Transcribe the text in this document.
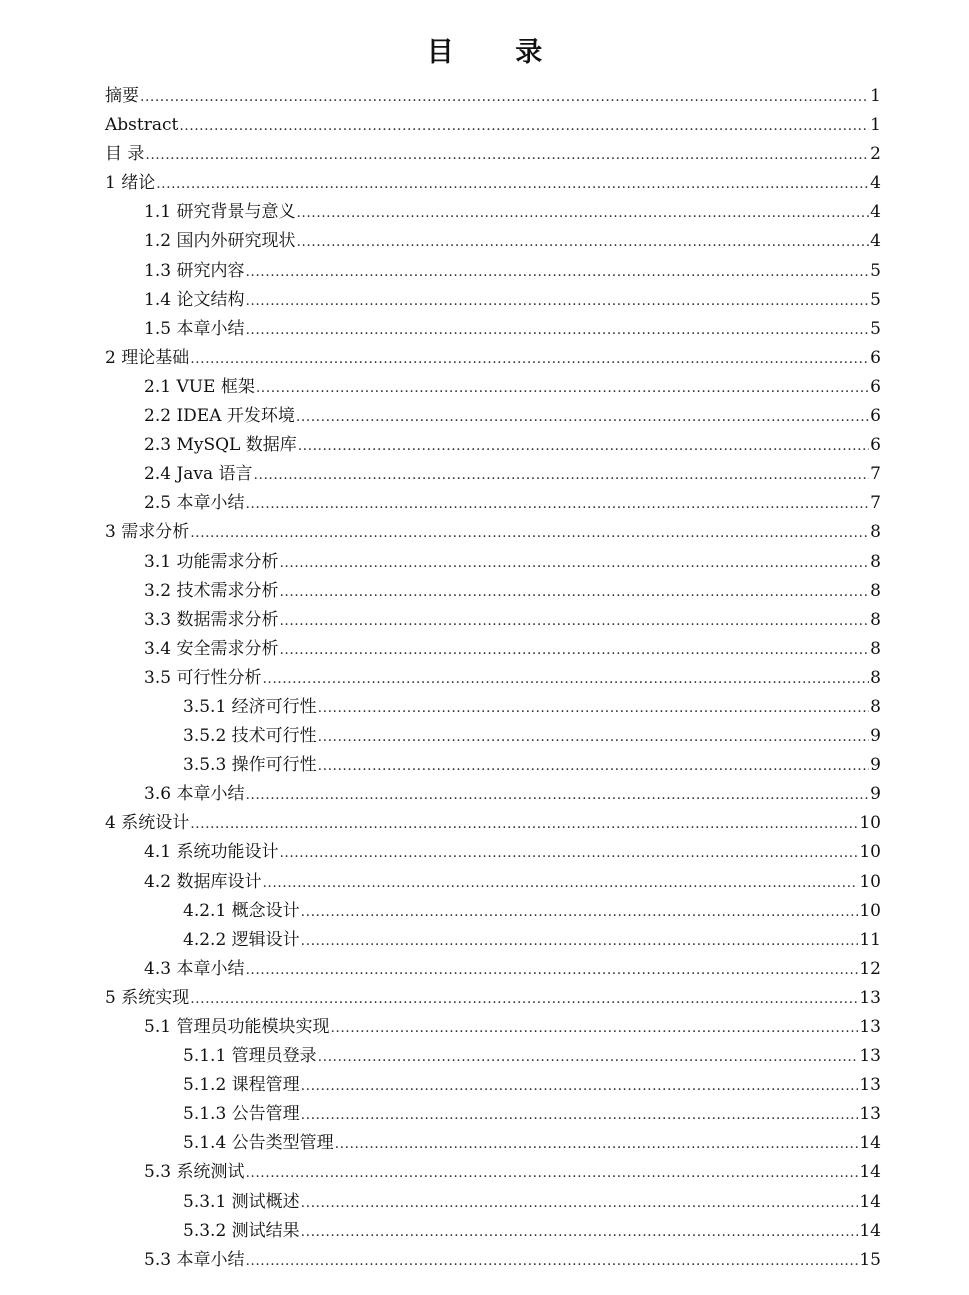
目 录
摘要 .....	1
Abstract .....	1
目 录 .....	2
1 绪论 .....	4
1.1 研究背景与意义 .....	4
1.2 国内外研究现状 .....	4
1.3 研究内容 .....	5
1.4 论文结构 .....	5
1.5 本章小结 .....	5
2 理论基础 .....	6
2.1 VUE 框架 .....	6
2.2 IDEA 开发环境 .....	6
2.3 MySQL 数据库 .....	6
2.4 Java 语言 .....	7
2.5 本章小结 .....	7
3 需求分析 .....	8
3.1 功能需求分析 .....	8
3.2 技术需求分析 .....	8
3.3 数据需求分析 .....	8
3.4 安全需求分析 .....	8
3.5 可行性分析 .....	8
3.5.1 经济可行性 .....	8
3.5.2 技术可行性 .....	9
3.5.3 操作可行性 .....	9
3.6 本章小结 .....	9
4 系统设计 .....	10
4.1 系统功能设计 .....	10
4.2 数据库设计 .....	10
4.2.1 概念设计 .....	10
4.2.2 逻辑设计 .....	11
4.3 本章小结 .....	12
5 系统实现 .....	13
5.1 管理员功能模块实现 .....	13
5.1.1 管理员登录 .....	13
5.1.2 课程管理 .....	13
5.1.3 公告管理 .....	13
5.1.4 公告类型管理 .....	14
5.3 系统测试 .....	14
5.3.1 测试概述 .....	14
5.3.2 测试结果 .....	14
5.3 本章小结 .....	15
